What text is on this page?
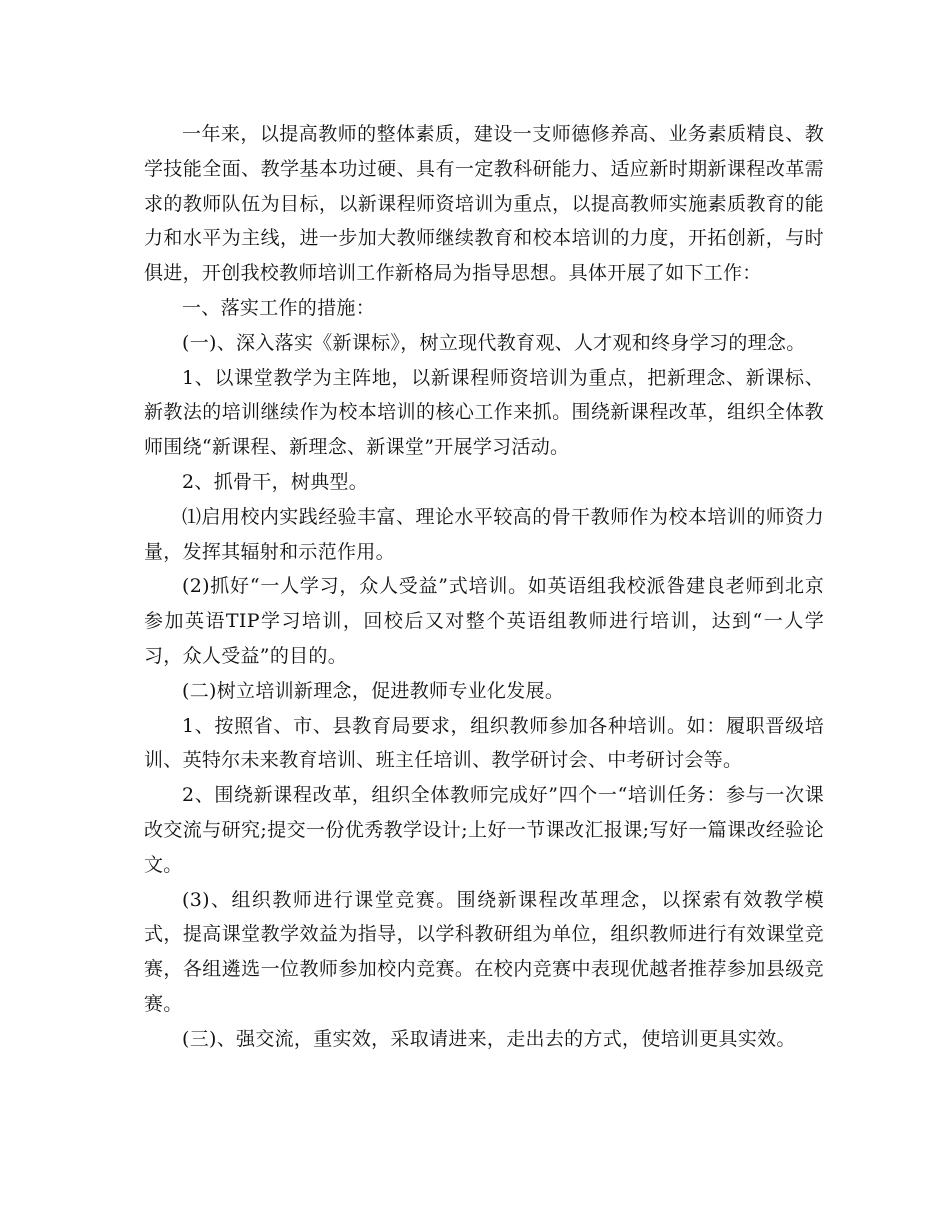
一年来，以提高教师的整体素质，建设一支师德修养高、业务素质精良、教学技能全面、教学基本功过硬、具有一定教科研能力、适应新时期新课程改革需求的教师队伍为目标，以新课程师资培训为重点，以提高教师实施素质教育的能力和水平为主线，进一步加大教师继续教育和校本培训的力度，开拓创新，与时俱进，开创我校教师培训工作新格局为指导思想。具体开展了如下工作：

一、落实工作的措施：

(一)、深入落实《新课标》，树立现代教育观、人才观和终身学习的理念。

1、以课堂教学为主阵地，以新课程师资培训为重点，把新理念、新课标、新教法的培训继续作为校本培训的核心工作来抓。围绕新课程改革，组织全体教师围绕“新课程、新理念、新课堂”开展学习活动。

2、抓骨干，树典型。

⑴启用校内实践经验丰富、理论水平较高的骨干教师作为校本培训的师资力量，发挥其辐射和示范作用。

(2)抓好“一人学习，众人受益”式培训。如英语组我校派昝建良老师到北京参加英语TIP学习培训，回校后又对整个英语组教师进行培训，达到“一人学习，众人受益”的目的。

(二)树立培训新理念，促进教师专业化发展。

1、按照省、市、县教育局要求，组织教师参加各种培训。如：履职晋级培训、英特尔未来教育培训、班主任培训、教学研讨会、中考研讨会等。

2、围绕新课程改革，组织全体教师完成好”四个一“培训任务：参与一次课改交流与研究;提交一份优秀教学设计;上好一节课改汇报课;写好一篇课改经验论文。

(3)、组织教师进行课堂竞赛。围绕新课程改革理念，以探索有效教学模式，提高课堂教学效益为指导，以学科教研组为单位，组织教师进行有效课堂竞赛，各组遴选一位教师参加校内竞赛。在校内竞赛中表现优越者推荐参加县级竞赛。

(三)、强交流，重实效，采取请进来，走出去的方式，使培训更具实效。
